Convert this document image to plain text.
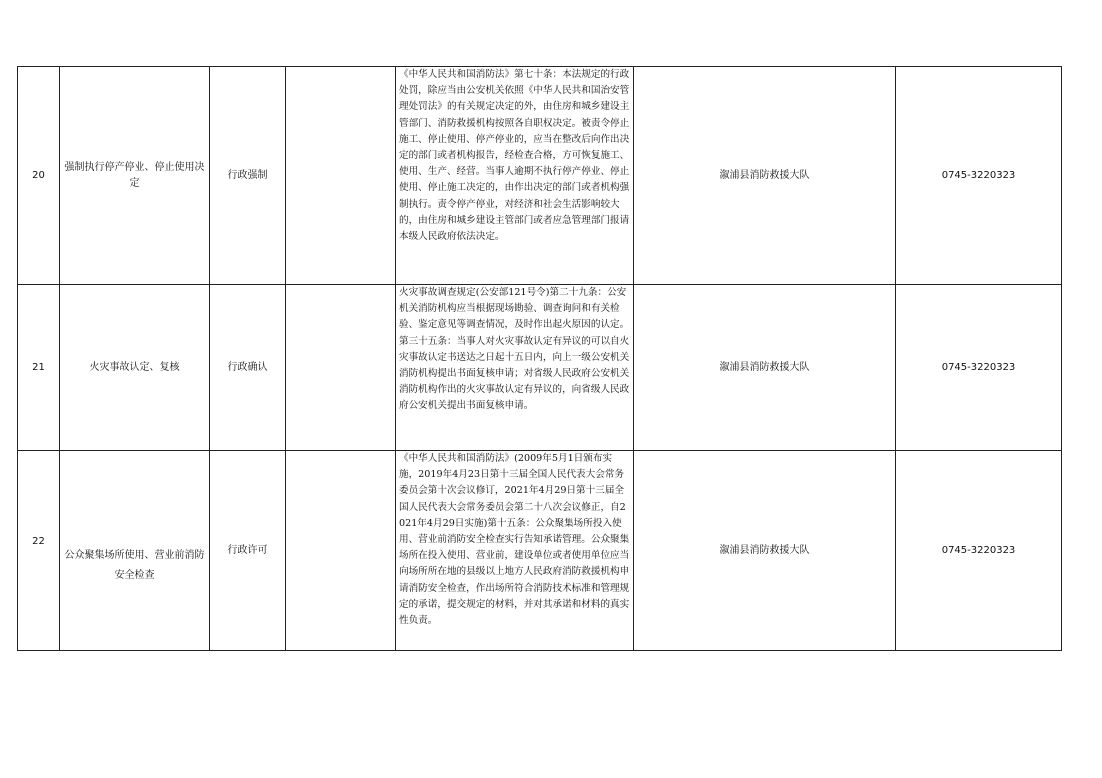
20	强制执行停产停业、停止使用决定	行政强制		《中华人民共和国消防法》第七十条：本法规定的行政处罚，除应当由公安机关依照《中华人民共和国治安管理处罚法》的有关规定决定的外，由住房和城乡建设主管部门、消防救援机构按照各自职权决定。被责令停止施工、停止使用、停产停业的，应当在整改后向作出决定的部门或者机构报告，经检查合格，方可恢复施工、使用、生产、经营。当事人逾期不执行停产停业、停止使用、停止施工决定的，由作出决定的部门或者机构强制执行。责令停产停业，对经济和社会生活影响较大的，由住房和城乡建设主管部门或者应急管理部门报请本级人民政府依法决定。	溆浦县消防救援大队	0745-3220323
21	火灾事故认定、复核	行政确认		火灾事故调查规定(公安部121号令)第二十九条：公安机关消防机构应当根据现场勘验、调查询问和有关检验、鉴定意见等调查情况，及时作出起火原因的认定。第三十五条：当事人对火灾事故认定有异议的可以自火灾事故认定书送达之日起十五日内，向上一级公安机关消防机构提出书面复核申请；对省级人民政府公安机关消防机构作出的火灾事故认定有异议的，向省级人民政府公安机关提出书面复核申请。	溆浦县消防救援大队	0745-3220323
22	公众聚集场所使用、营业前消防安全检查	行政许可		《中华人民共和国消防法》(2009年5月1日颁布实施，2019年4月23日第十三届全国人民代表大会常务委员会第十次会议修订，2021年4月29日第十三届全国人民代表大会常务委员会第二十八次会议修正，自2021年4月29日实施)第十五条：公众聚集场所投入使用、营业前消防安全检查实行告知承诺管理。公众聚集场所在投入使用、营业前，建设单位或者使用单位应当向场所所在地的县级以上地方人民政府消防救援机构申请消防安全检查，作出场所符合消防技术标准和管理规定的承诺，提交规定的材料，并对其承诺和材料的真实性负责。	溆浦县消防救援大队	0745-3220323
